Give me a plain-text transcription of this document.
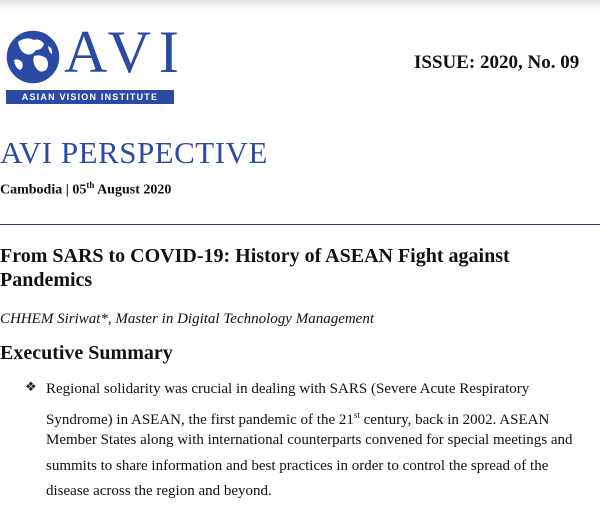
AVI
ASIAN VISION INSTITUTE
ISSUE: 2020, No. 09
AVI PERSPECTIVE
Cambodia | 05th August 2020
From SARS to COVID-19: History of ASEAN Fight against Pandemics
CHHEM Siriwat*, Master in Digital Technology Management
Executive Summary
❖ Regional solidarity was crucial in dealing with SARS (Severe Acute Respiratory
Syndrome) in ASEAN, the first pandemic of the 21st century, back in 2002. ASEAN
Member States along with international counterparts convened for special meetings and
summits to share information and best practices in order to control the spread of the
disease across the region and beyond.
